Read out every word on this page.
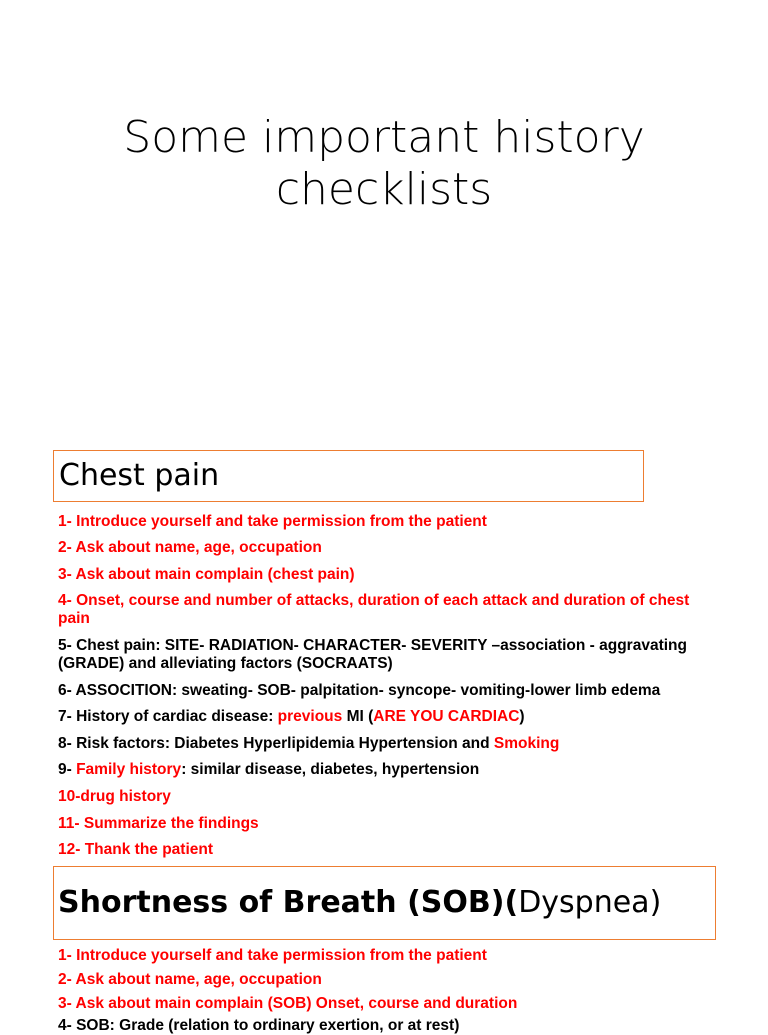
Some important history
checklists
Chest pain
1- Introduce yourself and take permission from the patient
2- Ask about name, age, occupation
3- Ask about main complain (chest pain)
4- Onset, course and number of attacks, duration of each attack and duration of chest pain
5- Chest pain: SITE- RADIATION- CHARACTER- SEVERITY –association - aggravating (GRADE) and alleviating factors (SOCRAATS)
6- ASSOCITION: sweating- SOB- palpitation- syncope- vomiting-lower limb edema
7- History of cardiac disease: previous MI (ARE YOU CARDIAC)
8- Risk factors: Diabetes Hyperlipidemia Hypertension and Smoking
9- Family history: similar disease, diabetes, hypertension
10-drug history
11- Summarize the findings
12- Thank the patient
Shortness of Breath (SOB)(Dyspnea)
1- Introduce yourself and take permission from the patient
2- Ask about name, age, occupation
3- Ask about main complain (SOB) Onset, course and duration
4- SOB: Grade (relation to ordinary exertion, or at rest)
